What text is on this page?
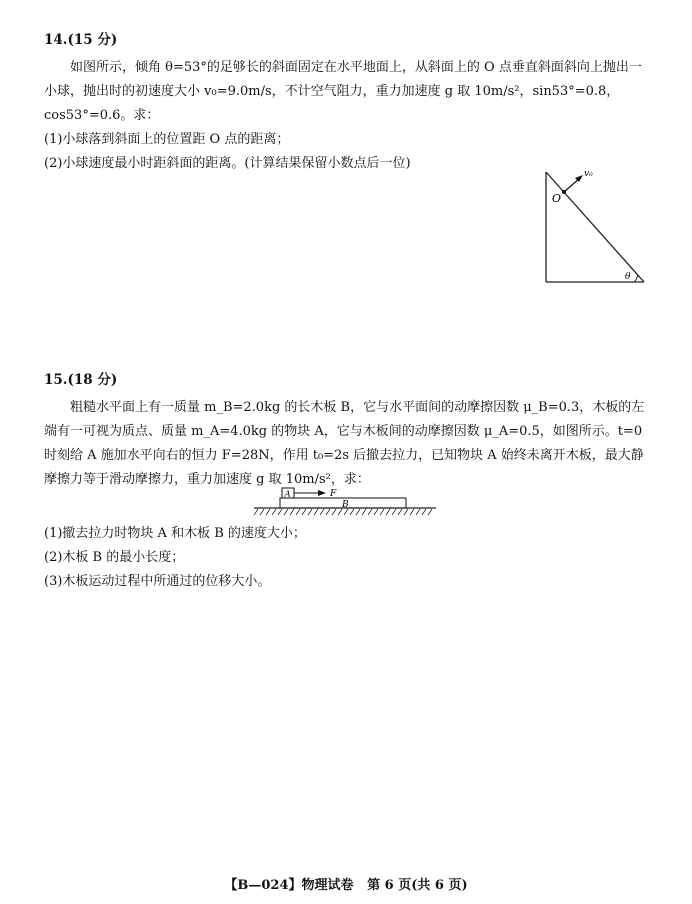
14.(15 分)

如图所示，倾角 θ=53°的足够长的斜面固定在水平地面上，从斜面上的 O 点垂直斜面斜向上抛出一小球，抛出时的初速度大小 v₀=9.0m/s，不计空气阻力，重力加速度 g 取 10m/s²，sin53°=0.8，cos53°=0.6。求：

(1)小球落到斜面上的位置距 O 点的距离；

(2)小球速度最小时距斜面的距离。(计算结果保留小数点后一位)

O
v₀
θ
15.(18 分)

粗糙水平面上有一质量 m_B=2.0kg 的长木板 B，它与水平面间的动摩擦因数 μ_B=0.3，木板的左端有一可视为质点、质量 m_A=4.0kg 的物块 A，它与木板间的动摩擦因数 μ_A=0.5，如图所示。t=0 时刻给 A 施加水平向右的恒力 F=28N，作用 t₀=2s 后撤去拉力，已知物块 A 始终未离开木板，最大静摩擦力等于滑动摩擦力，重力加速度 g 取 10m/s²，求：

A	F
B

(1)撤去拉力时物块 A 和木板 B 的速度大小；

(2)木板 B 的最小长度；

(3)木板运动过程中所通过的位移大小。

【B—024】物理试卷 第 6 页(共 6 页)
